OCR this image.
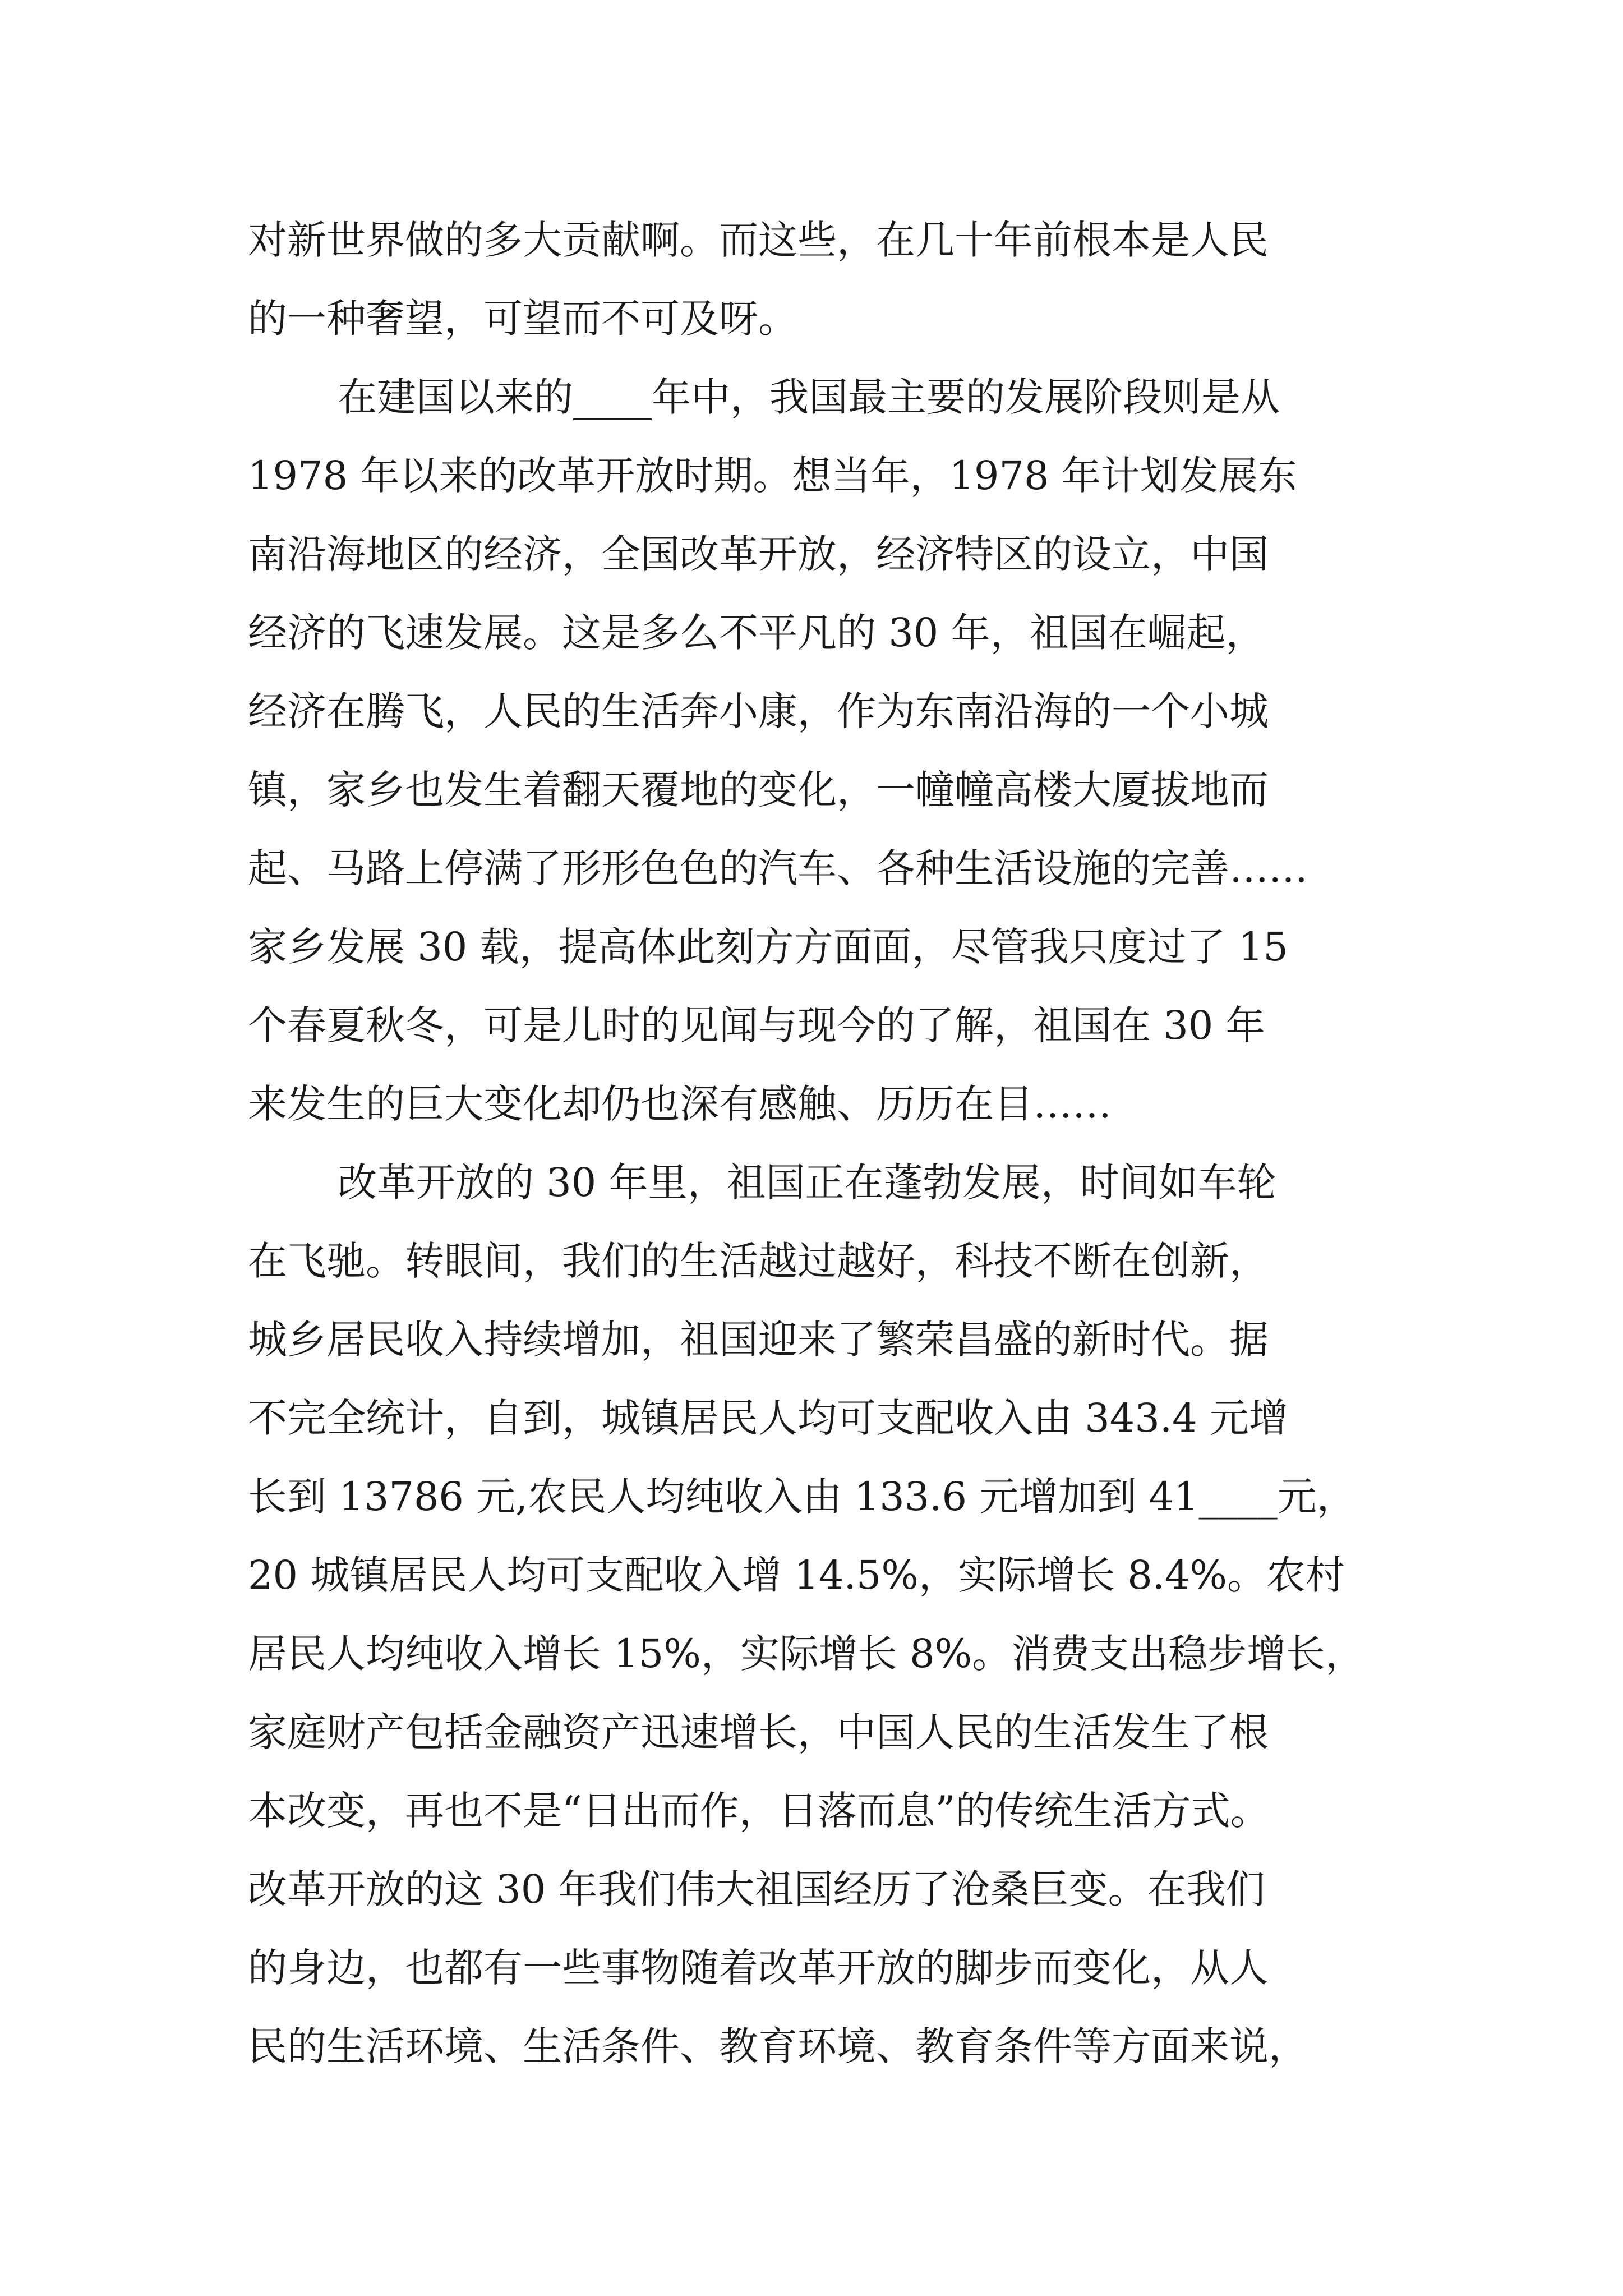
对新世界做的多大贡献啊。而这些，在几十年前根本是人民

的一种奢望，可望而不可及呀。

在建国以来的____年中，我国最主要的发展阶段则是从

1978 年以来的改革开放时期。想当年，1978 年计划发展东

南沿海地区的经济，全国改革开放，经济特区的设立，中国

经济的飞速发展。这是多么不平凡的 30 年，祖国在崛起，

经济在腾飞，人民的生活奔小康，作为东南沿海的一个小城

镇，家乡也发生着翻天覆地的变化，一幢幢高楼大厦拔地而

起、马路上停满了形形色色的汽车、各种生活设施的完善……

家乡发展 30 载，提高体此刻方方面面，尽管我只度过了 15

个春夏秋冬，可是儿时的见闻与现今的了解，祖国在 30 年

来发生的巨大变化却仍也深有感触、历历在目……

改革开放的 30 年里，祖国正在蓬勃发展，时间如车轮

在飞驰。转眼间，我们的生活越过越好，科技不断在创新，

城乡居民收入持续增加，祖国迎来了繁荣昌盛的新时代。据

不完全统计，自到，城镇居民人均可支配收入由 343.4 元增

长到 13786 元,农民人均纯收入由 133.6 元增加到 41____元，

20 城镇居民人均可支配收入增 14.5%，实际增长 8.4%。农村

居民人均纯收入增长 15%，实际增长 8%。消费支出稳步增长，

家庭财产包括金融资产迅速增长，中国人民的生活发生了根

本改变，再也不是“日出而作，日落而息”的传统生活方式。

改革开放的这 30 年我们伟大祖国经历了沧桑巨变。在我们

的身边，也都有一些事物随着改革开放的脚步而变化，从人

民的生活环境、生活条件、教育环境、教育条件等方面来说，
